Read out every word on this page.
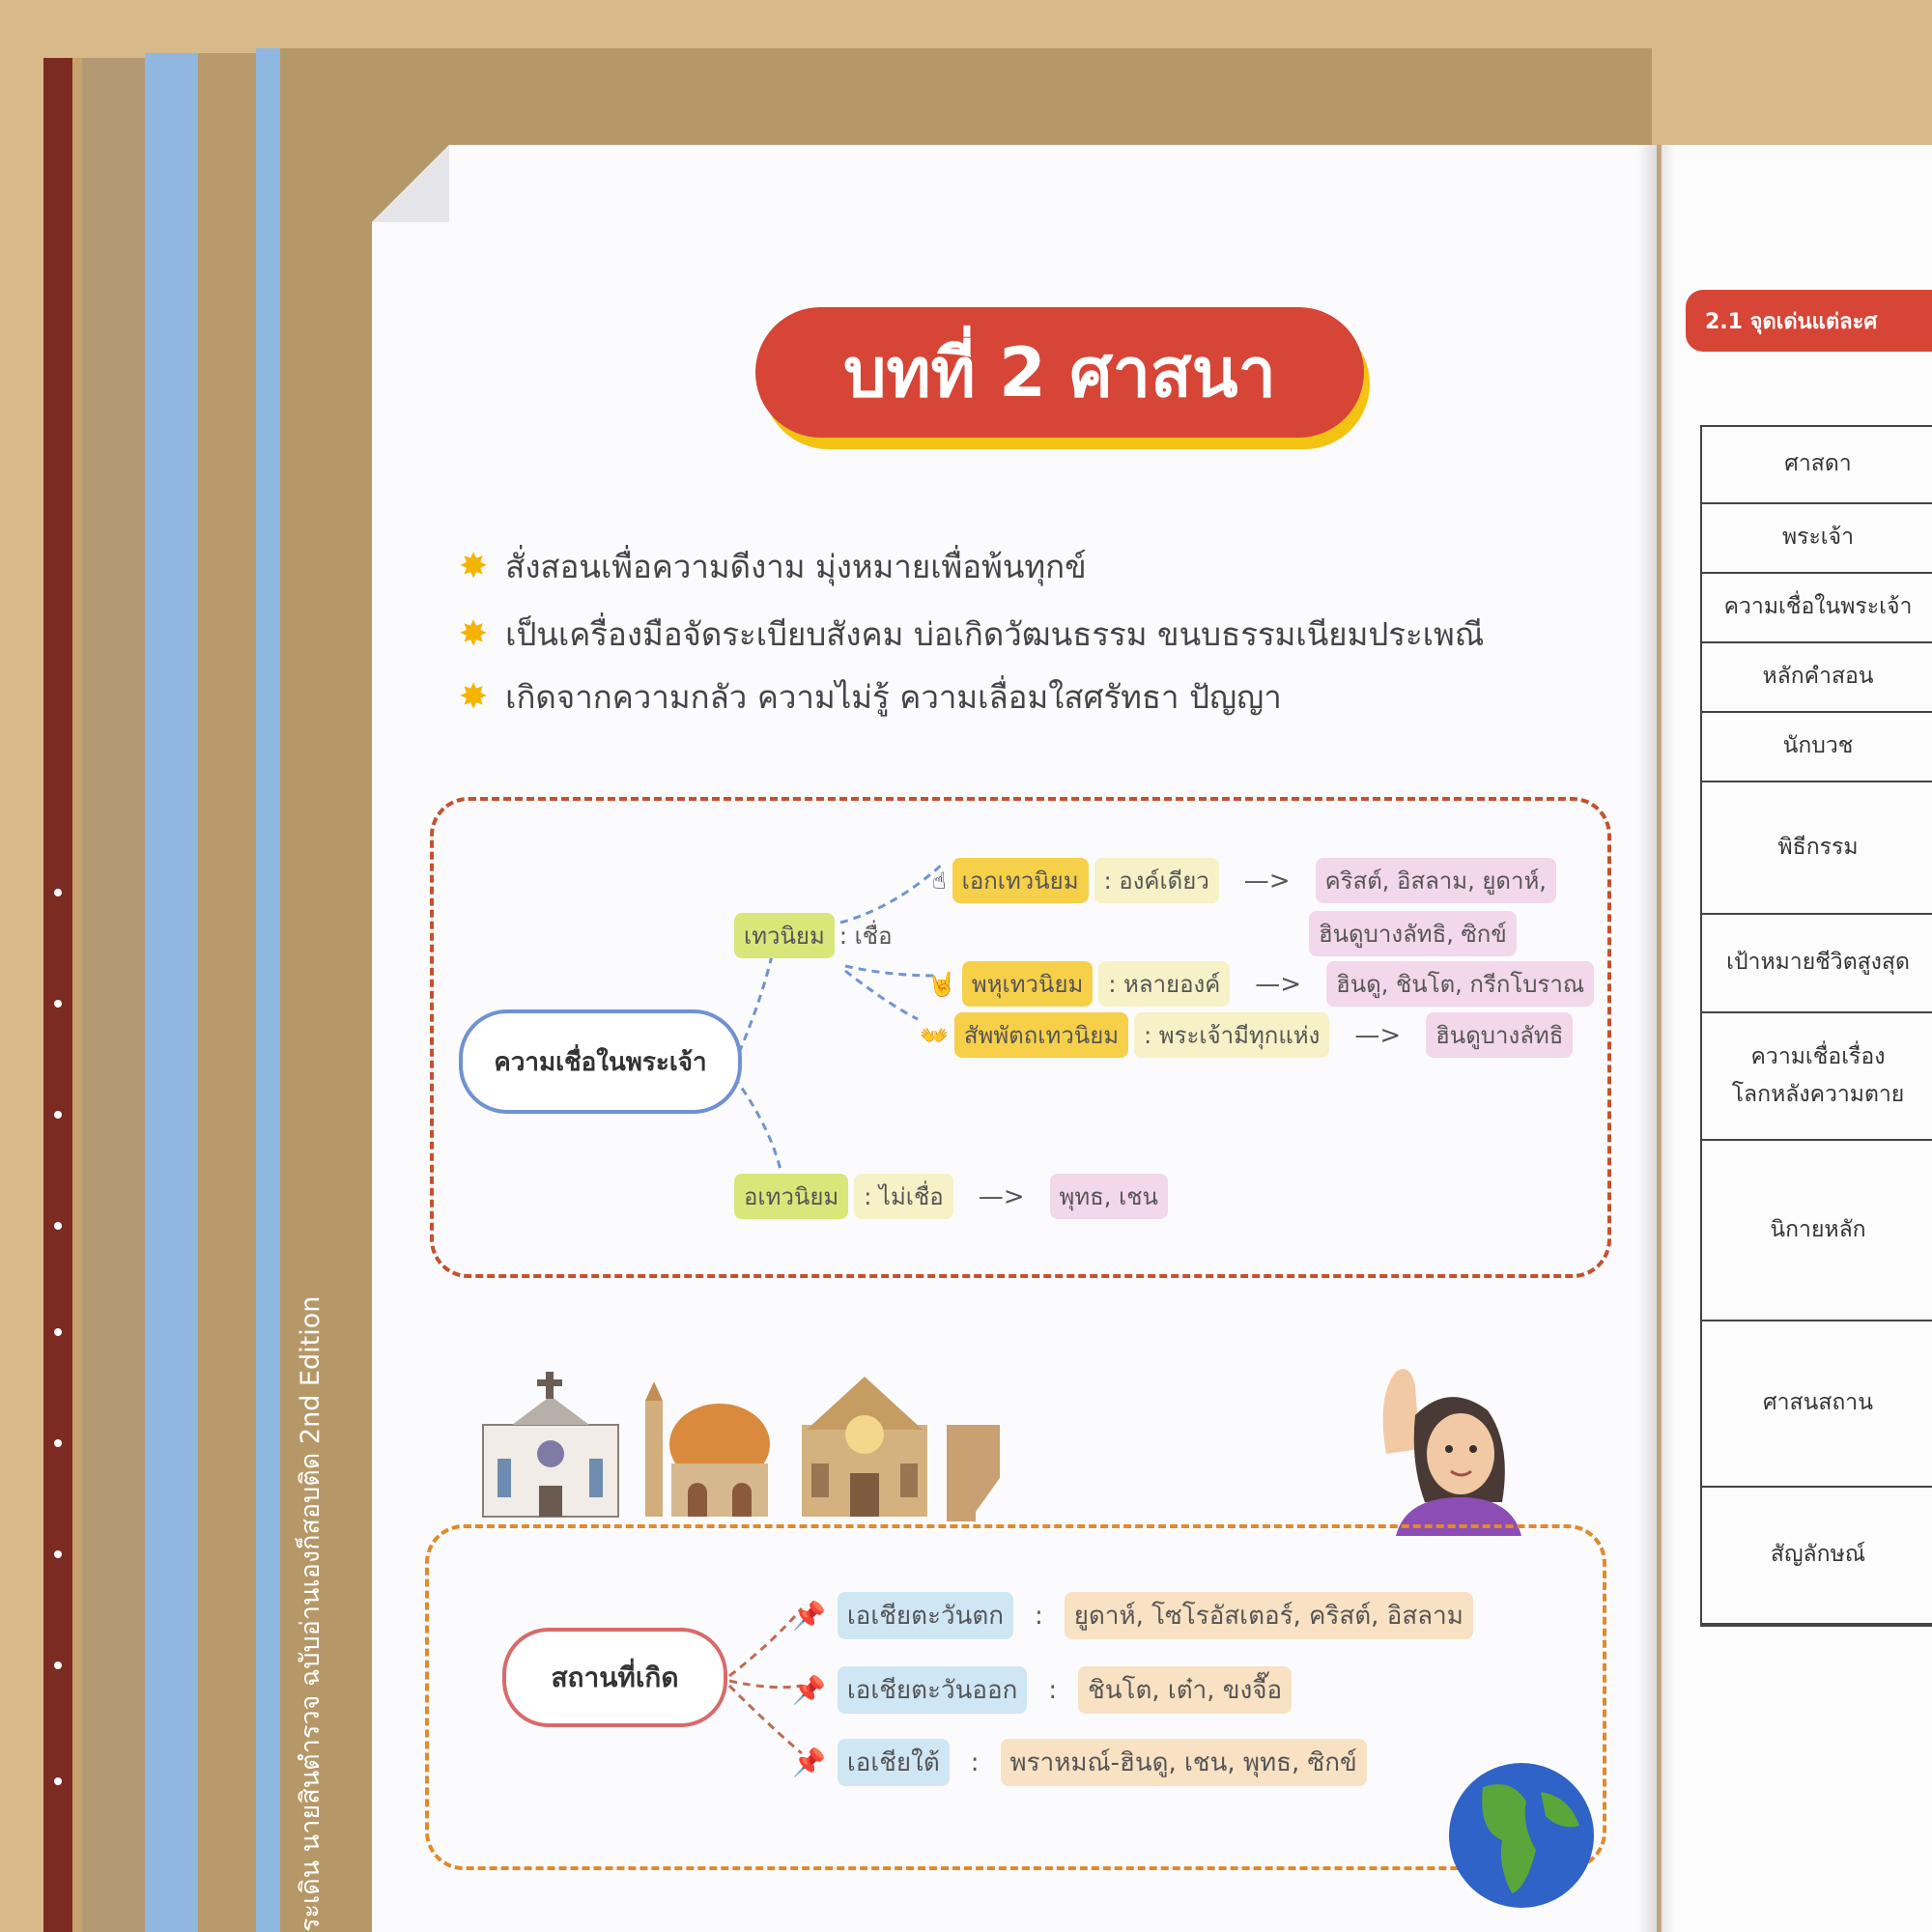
ระเดิน นายสินตำรวจ ฉบับอ่านเองก็สอบติด 2nd Edition
บทที่ 2 ศาสนา
✸ สั่งสอนเพื่อความดีงาม มุ่งหมายเพื่อพ้นทุกข์
✸ เป็นเครื่องมือจัดระเบียบสังคม บ่อเกิดวัฒนธรรม ขนบธรรมเนียมประเพณี
✸ เกิดจากความกลัว ความไม่รู้ ความเลื่อมใสศรัทธา ปัญญา
ความเชื่อในพระเจ้า
เทวนิยม : เชื่อ
☝ เอกเทวนิยม	: องค์เดียว	—>	คริสต์, อิสลาม, ยูดาห์,
ฮินดูบางลัทธิ, ซิกข์
🤘 พหุเทวนิยม	: หลายองค์	—>	ฮินดู, ชินโต, กรีกโบราณ
👐 สัพพัตถเทวนิยม	: พระเจ้ามีทุกแห่ง	—>	ฮินดูบางลัทธิ
อเทวนิยม	: ไม่เชื่อ	—>	พุทธ, เชน
สถานที่เกิด
📌 เอเชียตะวันตก	:	ยูดาห์, โซโรอัสเตอร์, คริสต์, อิสลาม
📌 เอเชียตะวันออก	:	ชินโต, เต๋า, ขงจื๊อ
📌 เอเชียใต้	:	พราหมณ์-ฮินดู, เชน, พุทธ, ซิกข์
2.1 จุดเด่นแต่ละศ
ศาสดา
พระเจ้า
ความเชื่อในพระเจ้า
หลักคำสอน
นักบวช
พิธีกรรม
เป้าหมายชีวิตสูงสุด
ความเชื่อเรื่อง
โลกหลังความตาย
นิกายหลัก
ศาสนสถาน
สัญลักษณ์
